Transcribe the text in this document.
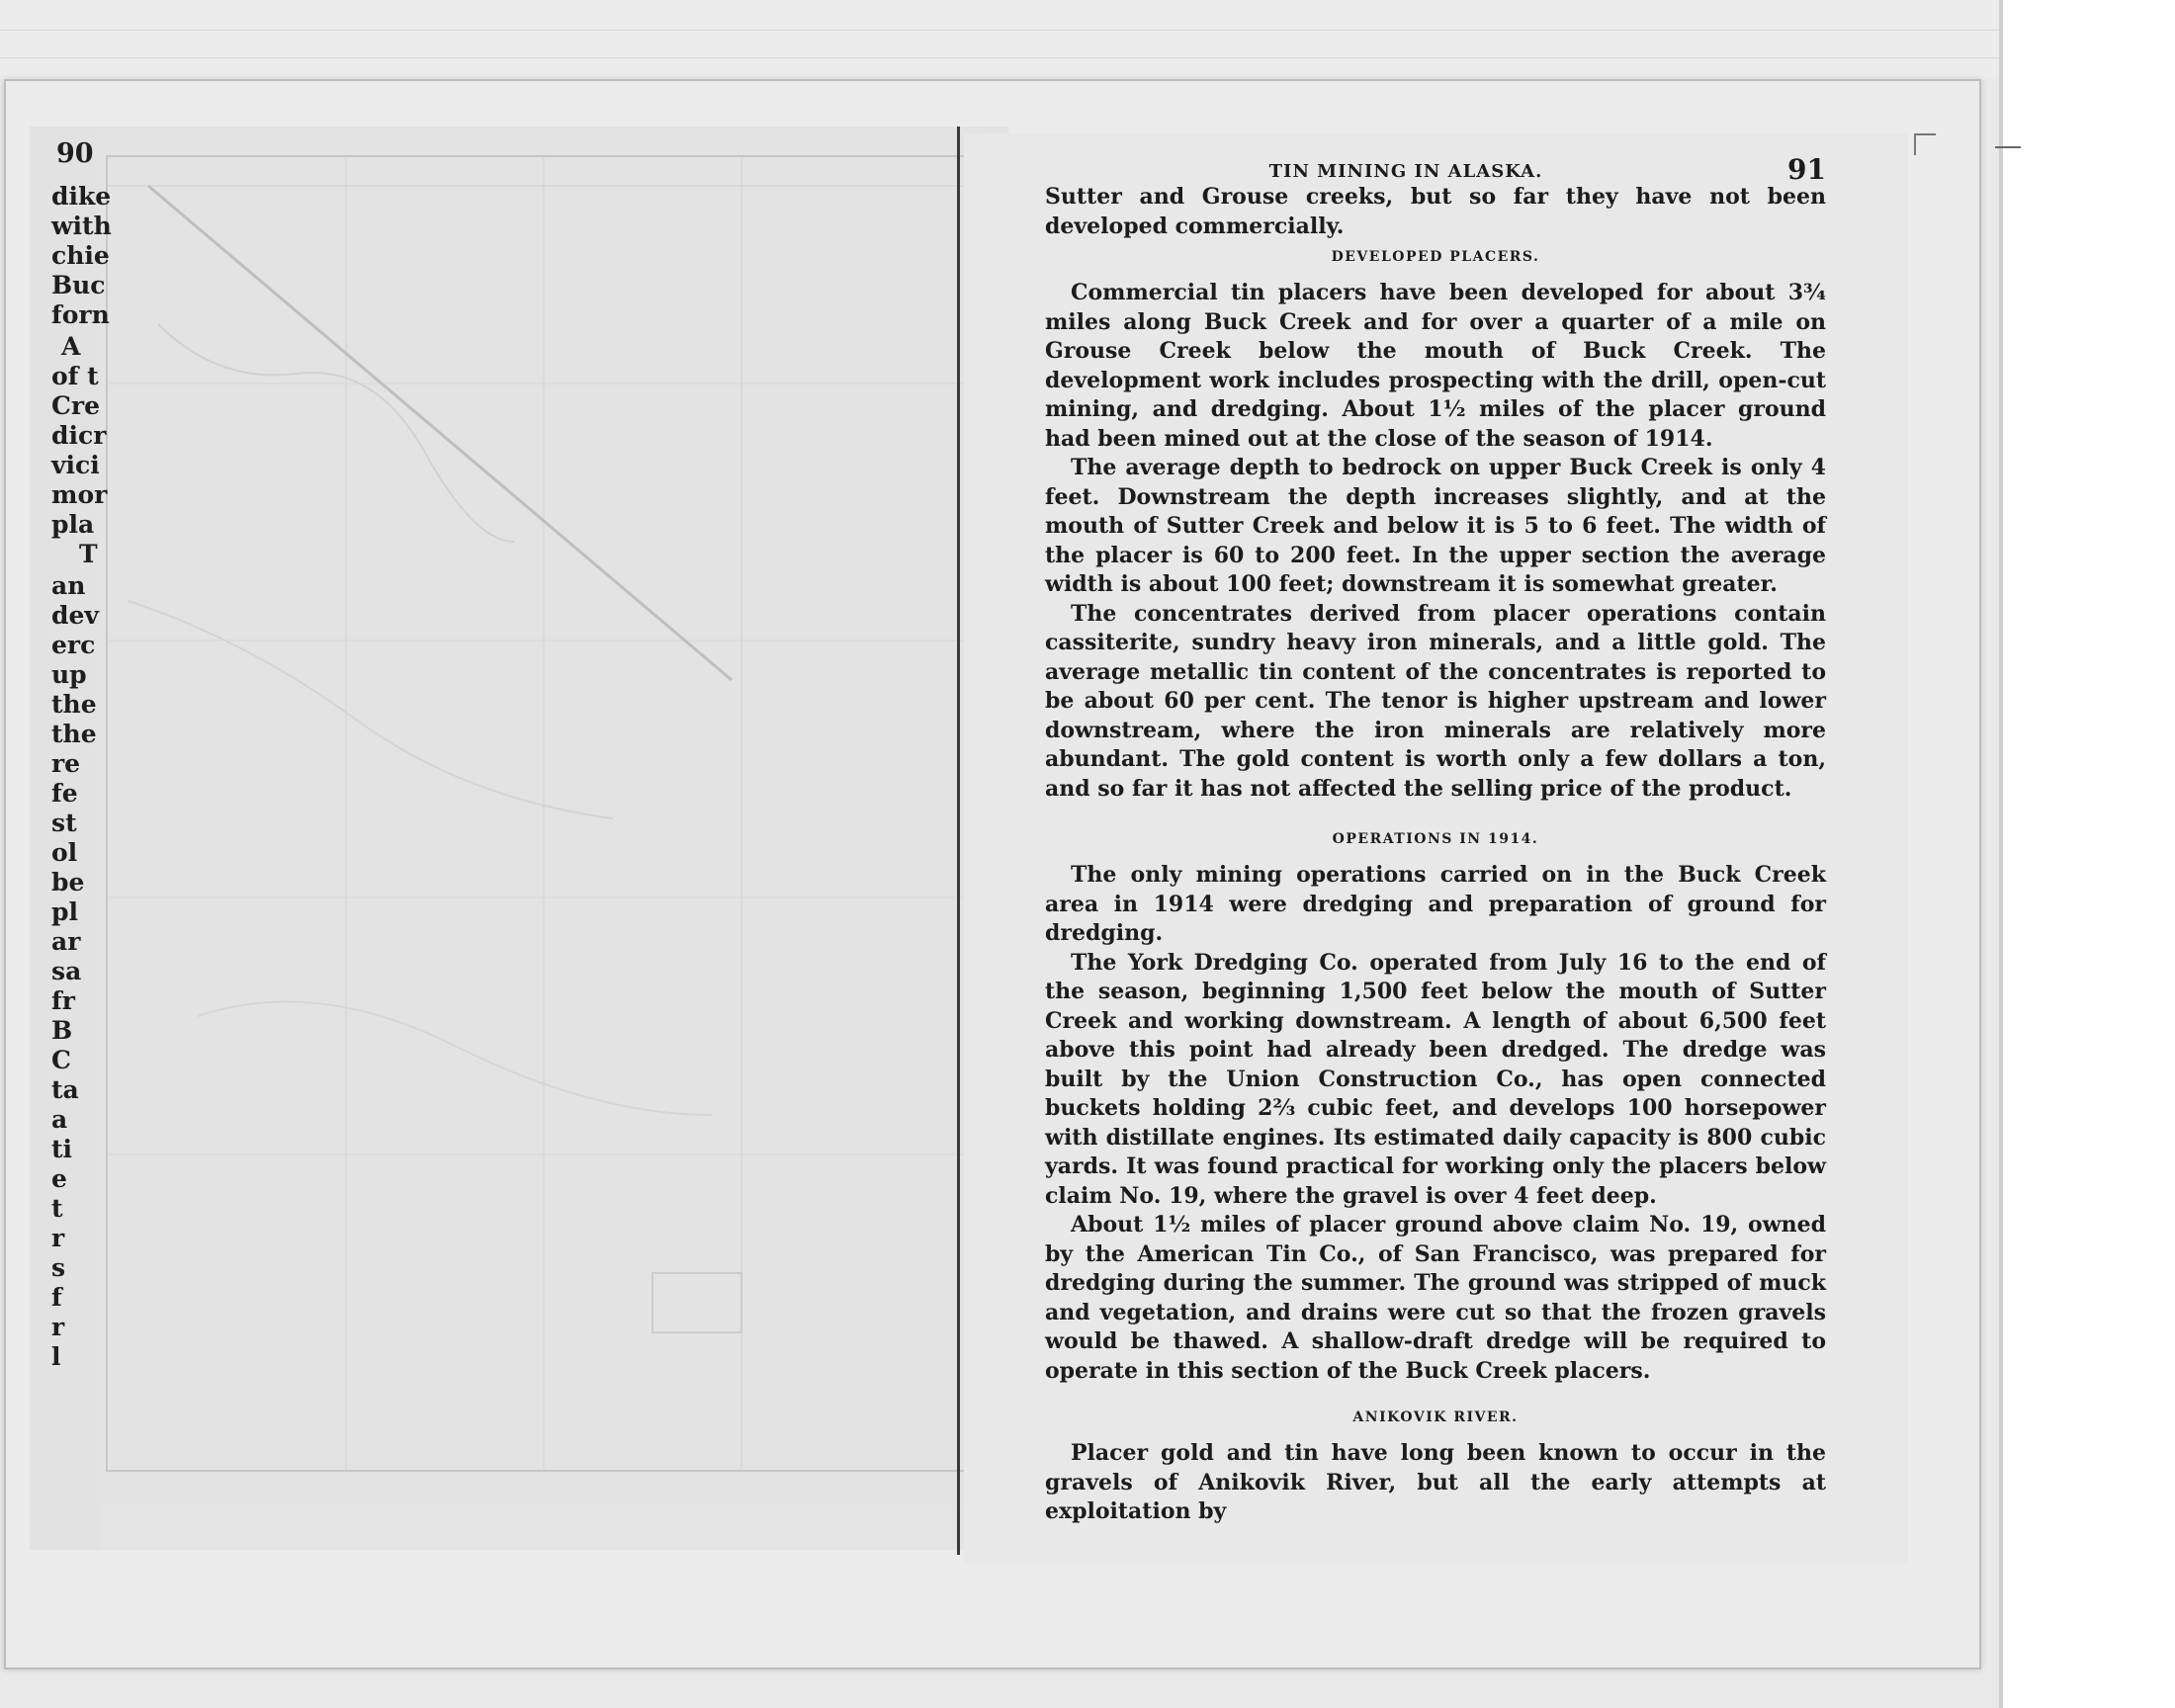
90
dike
with
chie
Buc
forn
A
of t
Cre
dicr
vici
mor
pla
T
an
dev
erc
up
the
the
re
fe
st
ol
be
pl
ar
sa
fr
B
C
ta
a
ti
e
t
r
s
f
r
l
TIN MINING IN ALASKA.	91

Sutter and Grouse creeks, but so far they have not been developed commercially.

DEVELOPED PLACERS.

Commercial tin placers have been developed for about 3¾ miles along Buck Creek and for over a quarter of a mile on Grouse Creek below the mouth of Buck Creek. The development work includes prospecting with the drill, open-cut mining, and dredging. About 1½ miles of the placer ground had been mined out at the close of the season of 1914.

The average depth to bedrock on upper Buck Creek is only 4 feet. Downstream the depth increases slightly, and at the mouth of Sutter Creek and below it is 5 to 6 feet. The width of the placer is 60 to 200 feet. In the upper section the average width is about 100 feet; downstream it is somewhat greater.

The concentrates derived from placer operations contain cassiterite, sundry heavy iron minerals, and a little gold. The average metallic tin content of the concentrates is reported to be about 60 per cent. The tenor is higher upstream and lower downstream, where the iron minerals are relatively more abundant. The gold content is worth only a few dollars a ton, and so far it has not affected the selling price of the product.

OPERATIONS IN 1914.

The only mining operations carried on in the Buck Creek area in 1914 were dredging and preparation of ground for dredging.

The York Dredging Co. operated from July 16 to the end of the season, beginning 1,500 feet below the mouth of Sutter Creek and working downstream. A length of about 6,500 feet above this point had already been dredged. The dredge was built by the Union Construction Co., has open connected buckets holding 2⅔ cubic feet, and develops 100 horsepower with distillate engines. Its estimated daily capacity is 800 cubic yards. It was found practical for working only the placers below claim No. 19, where the gravel is over 4 feet deep.

About 1½ miles of placer ground above claim No. 19, owned by the American Tin Co., of San Francisco, was prepared for dredging during the summer. The ground was stripped of muck and vegetation, and drains were cut so that the frozen gravels would be thawed. A shallow-draft dredge will be required to operate in this section of the Buck Creek placers.

ANIKOVIK RIVER.

Placer gold and tin have long been known to occur in the gravels of Anikovik River, but all the early attempts at exploitation by
